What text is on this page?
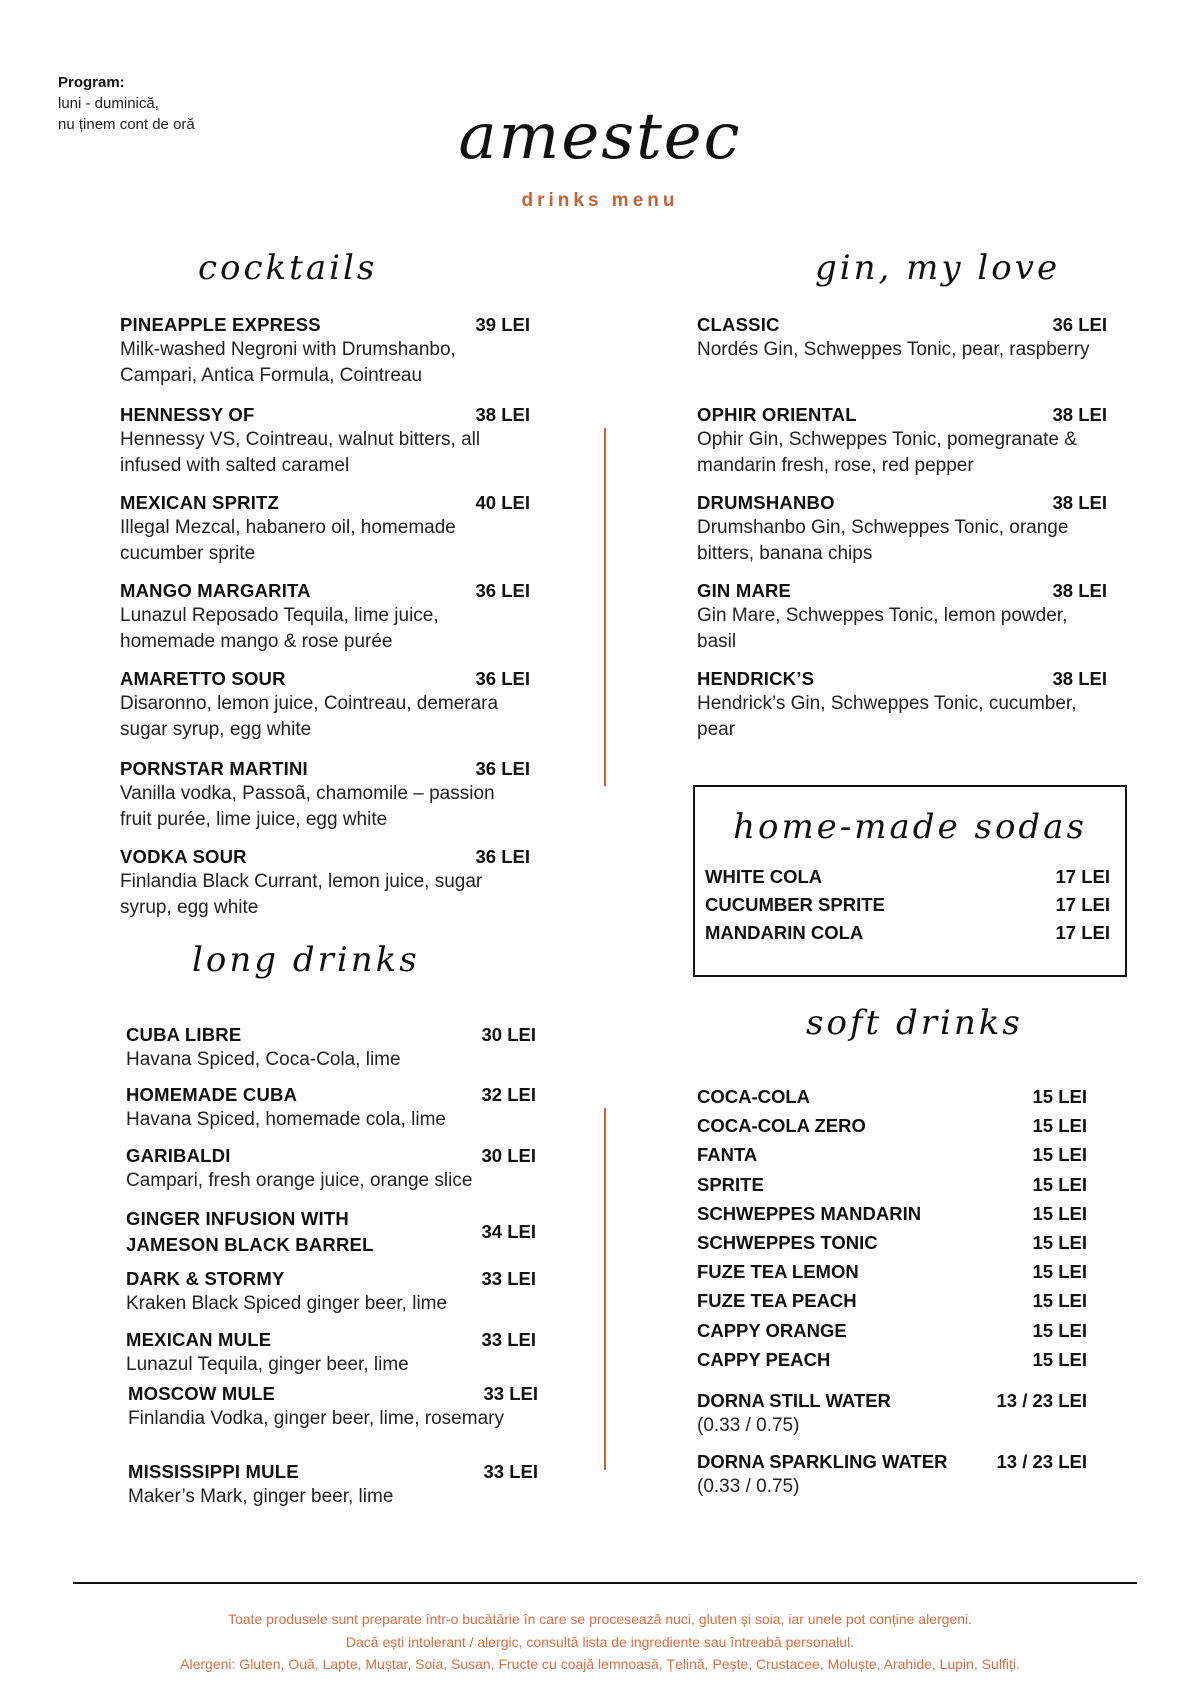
Program:
luni - duminică,
nu ținem cont de oră	amestec
drinks menu
cocktails	gin, my love
long drinks
soft drinks
PINEAPPLE EXPRESS	39 LEI
Milk-washed Negroni with Drumshanbo, Campari, Antica Formula, Cointreau
HENNESSY OF	38 LEI
Hennessy VS, Cointreau, walnut bitters, all infused with salted caramel
MEXICAN SPRITZ	40 LEI
Illegal Mezcal, habanero oil, homemade cucumber sprite
MANGO MARGARITA	36 LEI
Lunazul Reposado Tequila, lime juice, homemade mango & rose purée
AMARETTO SOUR	36 LEI
Disaronno, lemon juice, Cointreau, demerara sugar syrup, egg white
PORNSTAR MARTINI	36 LEI
Vanilla vodka, Passoã, chamomile – passion fruit purée, lime juice, egg white
VODKA SOUR	36 LEI
Finlandia Black Currant, lemon juice, sugar syrup, egg white
CLASSIC	36 LEI
Nordés Gin, Schweppes Tonic, pear, raspberry
OPHIR ORIENTAL	38 LEI
Ophir Gin, Schweppes Tonic, pomegranate & mandarin fresh, rose, red pepper
DRUMSHANBO	38 LEI
Drumshanbo Gin, Schweppes Tonic, orange bitters, banana chips
GIN MARE	38 LEI
Gin Mare, Schweppes Tonic, lemon powder, basil
HENDRICK’S	38 LEI
Hendrick’s Gin, Schweppes Tonic, cucumber, pear
home-made sodas
WHITE COLA	17 LEI
CUCUMBER SPRITE	17 LEI
MANDARIN COLA	17 LEI
CUBA LIBRE	30 LEI
Havana Spiced, Coca-Cola, lime
HOMEMADE CUBA	32 LEI
Havana Spiced, homemade cola, lime
GARIBALDI	30 LEI
Campari, fresh orange juice, orange slice
GINGER INFUSION WITH JAMESON BLACK BARREL
34 LEI
DARK & STORMY	33 LEI
Kraken Black Spiced ginger beer, lime
MEXICAN MULE	33 LEI
Lunazul Tequila, ginger beer, lime
MOSCOW MULE	33 LEI
Finlandia Vodka, ginger beer, lime, rosemary
MISSISSIPPI MULE	33 LEI
Maker’s Mark, ginger beer, lime
COCA-COLA	15 LEI
COCA-COLA ZERO	15 LEI
FANTA	15 LEI
SPRITE	15 LEI
SCHWEPPES MANDARIN	15 LEI
SCHWEPPES TONIC	15 LEI
FUZE TEA LEMON	15 LEI
FUZE TEA PEACH	15 LEI
CAPPY ORANGE	15 LEI
CAPPY PEACH	15 LEI
DORNA STILL WATER	13 / 23 LEI
(0.33 / 0.75)
DORNA SPARKLING WATER	13 / 23 LEI
(0.33 / 0.75)
Toate produsele sunt preparate într-o bucătărie în care se procesează nuci, gluten și soia, iar unele pot conține alergeni.
Dacă ești intolerant / alergic, consultă lista de ingrediente sau întreabă personalul.
Alergeni: Gluten, Ouă, Lapte, Muștar, Soia, Susan, Fructe cu coajă lemnoasă, Țelină, Pește, Crustacee, Moluște, Arahide, Lupin, Sulfiți.
